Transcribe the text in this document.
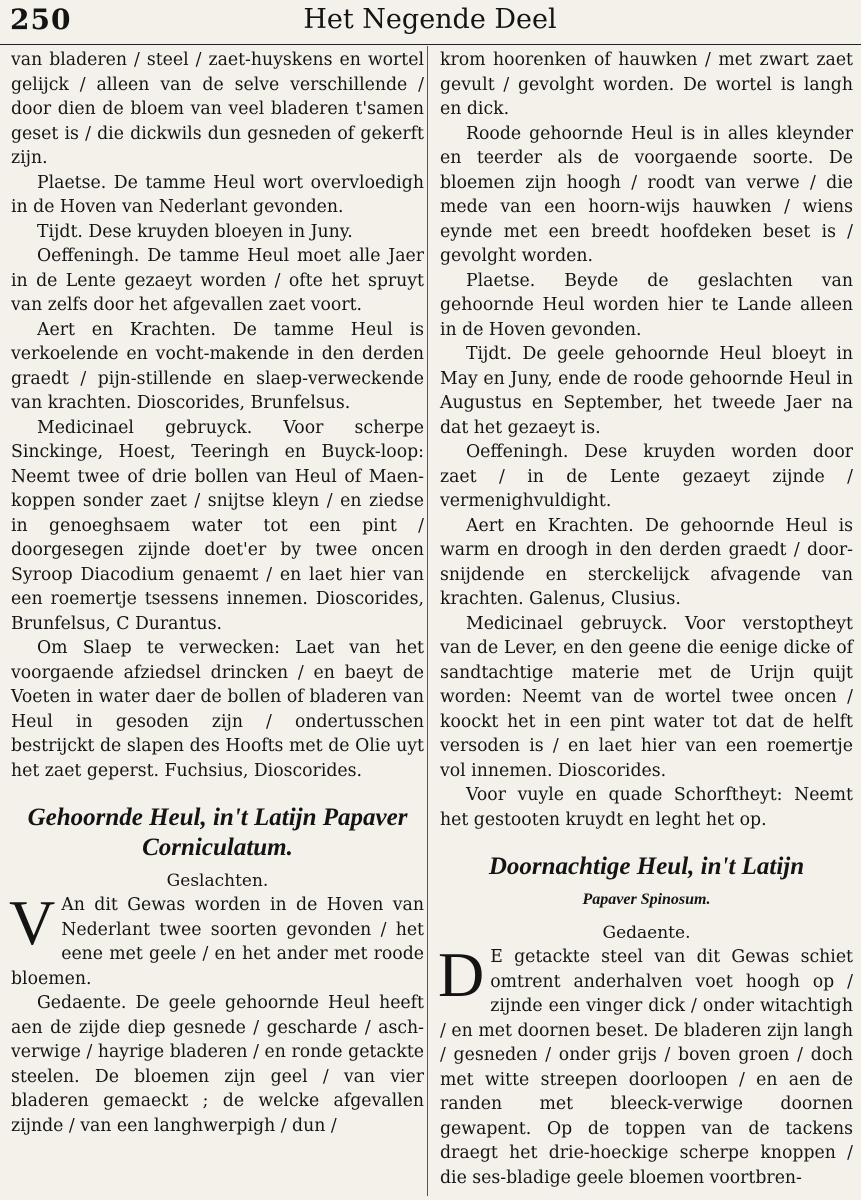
250	Het Negende Deel

van bladeren / steel / zaet-huyskens en wortel gelijck / alleen van de selve verschillende / door dien de bloem van veel bladeren t'samen geset is / die dickwils dun gesneden of gekerft zijn.

Plaetse. De tamme Heul wort overvloedigh in de Hoven van Nederlant gevonden.

Tijdt. Dese kruyden bloeyen in Juny.

Oeffeningh. De tamme Heul moet alle Jaer in de Lente gezaeyt worden / ofte het spruyt van zelfs door het afgevallen zaet voort.

Aert en Krachten. De tamme Heul is verkoelende en vocht-makende in den derden graedt / pijn-stillende en slaep-verweckende van krachten. Dioscorides, Brunfelsus.

Medicinael gebruyck. Voor scherpe Sinckinge, Hoest, Teeringh en Buyck-loop: Neemt twee of drie bollen van Heul of Maen-koppen sonder zaet / snijtse kleyn / en ziedse in genoeghsaem water tot een pint / doorgesegen zijnde doet'er by twee oncen Syroop Diacodium genaemt / en laet hier van een roemertje tsessens innemen. Dioscorides, Brunfelsus, C Durantus.

Om Slaep te verwecken: Laet van het voorgaende afziedsel drincken / en baeyt de Voeten in water daer de bollen of bladeren van Heul in gesoden zijn / ondertusschen bestrijckt de slapen des Hoofts met de Olie uyt het zaet geperst. Fuchsius, Dioscorides.

Gehoornde Heul, in't Latijn Papaver Corniculatum.

Geslachten.

V An dit Gewas worden in de Hoven van Nederlant twee soorten gevonden / het eene met geele / en het ander met roode bloemen.

Gedaente. De geele gehoornde Heul heeft aen de zijde diep gesnede / gescharde / asch-verwige / hayrige bladeren / en ronde getackte steelen. De bloemen zijn geel / van vier bladeren gemaeckt ; de welcke afgevallen zijnde / van een langhwerpigh / dun /

krom hoorenken of hauwken / met zwart zaet gevult / gevolght worden. De wortel is langh en dick.

Roode gehoornde Heul is in alles kleynder en teerder als de voorgaende soorte. De bloemen zijn hoogh / roodt van verwe / die mede van een hoorn-wijs hauwken / wiens eynde met een breedt hoofdeken beset is / gevolght worden.

Plaetse. Beyde de geslachten van gehoornde Heul worden hier te Lande alleen in de Hoven gevonden.

Tijdt. De geele gehoornde Heul bloeyt in May en Juny, ende de roode gehoornde Heul in Augustus en September, het tweede Jaer na dat het gezaeyt is.

Oeffeningh. Dese kruyden worden door zaet / in de Lente gezaeyt zijnde / vermenighvuldight.

Aert en Krachten. De gehoornde Heul is warm en droogh in den derden graedt / door-snijdende en sterckelijck afvagende van krachten. Galenus, Clusius.

Medicinael gebruyck. Voor verstoptheyt van de Lever, en den geene die eenige dicke of sandtachtige materie met de Urijn quijt worden: Neemt van de wortel twee oncen / koockt het in een pint water tot dat de helft versoden is / en laet hier van een roemertje vol innemen. Dioscorides.

Voor vuyle en quade Schorftheyt: Neemt het gestooten kruydt en leght het op.

Doornachtige Heul, in't Latijn
Papaver Spinosum.

Gedaente.

D E getackte steel van dit Gewas schiet omtrent anderhalven voet hoogh op / zijnde een vinger dick / onder witachtigh / en met doornen beset. De bladeren zijn langh / gesneden / onder grijs / boven groen / doch met witte streepen doorloopen / en aen de randen met bleeck-verwige doornen gewapent. Op de toppen van de tackens draegt het drie-hoeckige scherpe knoppen / die ses-bladige geele bloemen voortbren-
